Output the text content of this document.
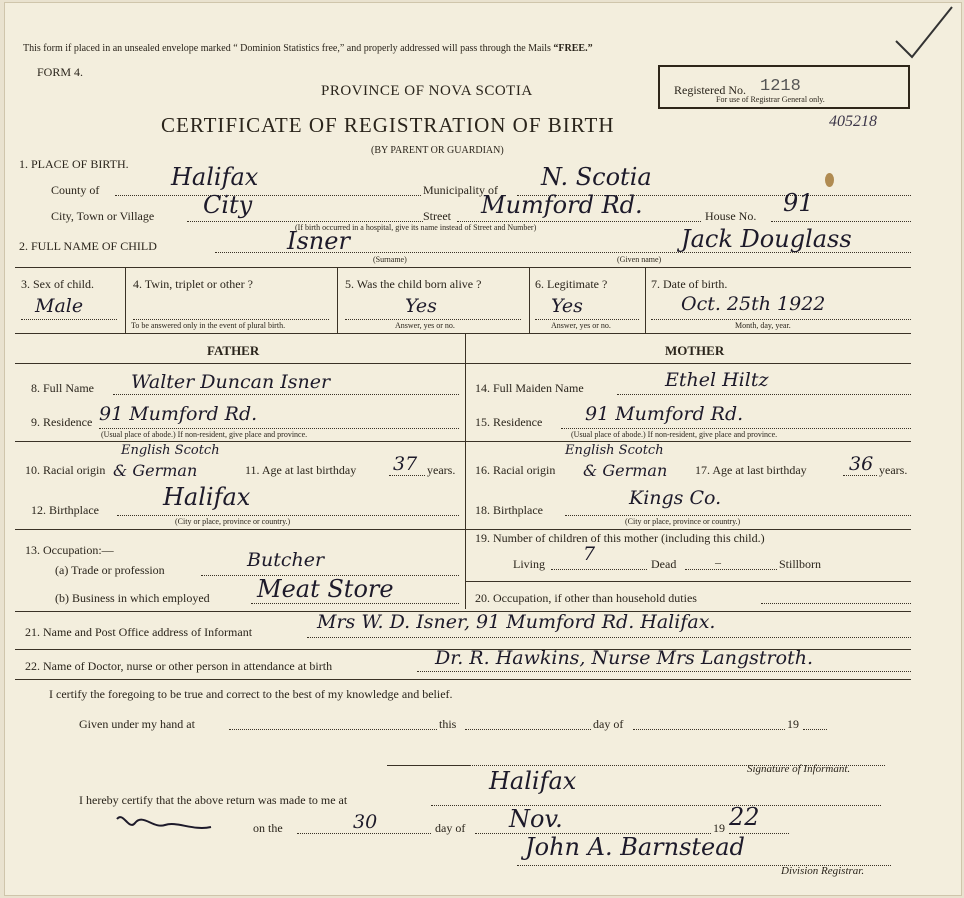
This form if placed in an unsealed envelope marked “ Dominion Statistics free,” and properly addressed will pass through the Mails “FREE.”
FORM 4.
PROVINCE OF NOVA SCOTIA
CERTIFICATE OF REGISTRATION OF BIRTH
(BY PARENT OR GUARDIAN)
Registered No. 1218
For use of Registrar General only.
405218
1. PLACE OF BIRTH.
County of	Halifax	Municipality of N. Scotia
City, Town or Village City	Street Mumford Rd.	House No. 91
(If birth occurred in a hospital, give its name instead of Street and Number)
2. FULL NAME OF CHILD	Isner	Jack Douglass
(Surname)	(Given name)
3. Sex of child.
Male
4. Twin, triplet or other ?
To be answered only in the event of plural birth.
5. Was the child born alive ?
Yes
Answer, yes or no.
6. Legitimate ?
Yes
Answer, yes or no.
7. Date of birth.
Oct. 25th 1922
Month, day, year.
FATHER	MOTHER
8. Full Name Walter Duncan Isner
9. Residence 91 Mumford Rd.
(Usual place of abode.) If non-resident, give place and province.
10. Racial origin
English Scotch
& German	11. Age at last birthday 37 years.
12. Birthplace	Halifax
(City or place, province or country.)
13. Occupation:—
(a) Trade or profession	Butcher
(b) Business in which employed Meat Store
14. Full Maiden Name	Ethel Hiltz
15. Residence 91 Mumford Rd.
(Usual place of abode.) If non-resident, give place and province.
16. Racial origin
English Scotch
& German 17. Age at last birthday 36 years.
18. Birthplace
Kings Co.
(City or place, province or country.)
19. Number of children of this mother (including this child.)
Living 7	Dead	–	Stillborn
20. Occupation, if other than household duties
21. Name and Post Office address of Informant	Mrs W. D. Isner, 91 Mumford Rd. Halifax.
22. Name of Doctor, nurse or other person in attendance at birth	Dr. R. Hawkins, Nurse Mrs Langstroth.
I certify the foregoing to be true and correct to the best of my knowledge and belief.
Given under my hand at	this	day of	19
Signature of Informant.
I hereby certify that the above return was made to me at
Halifax
on the	30	day of Nov.	19 22
John A. Barnstead
Division Registrar.
